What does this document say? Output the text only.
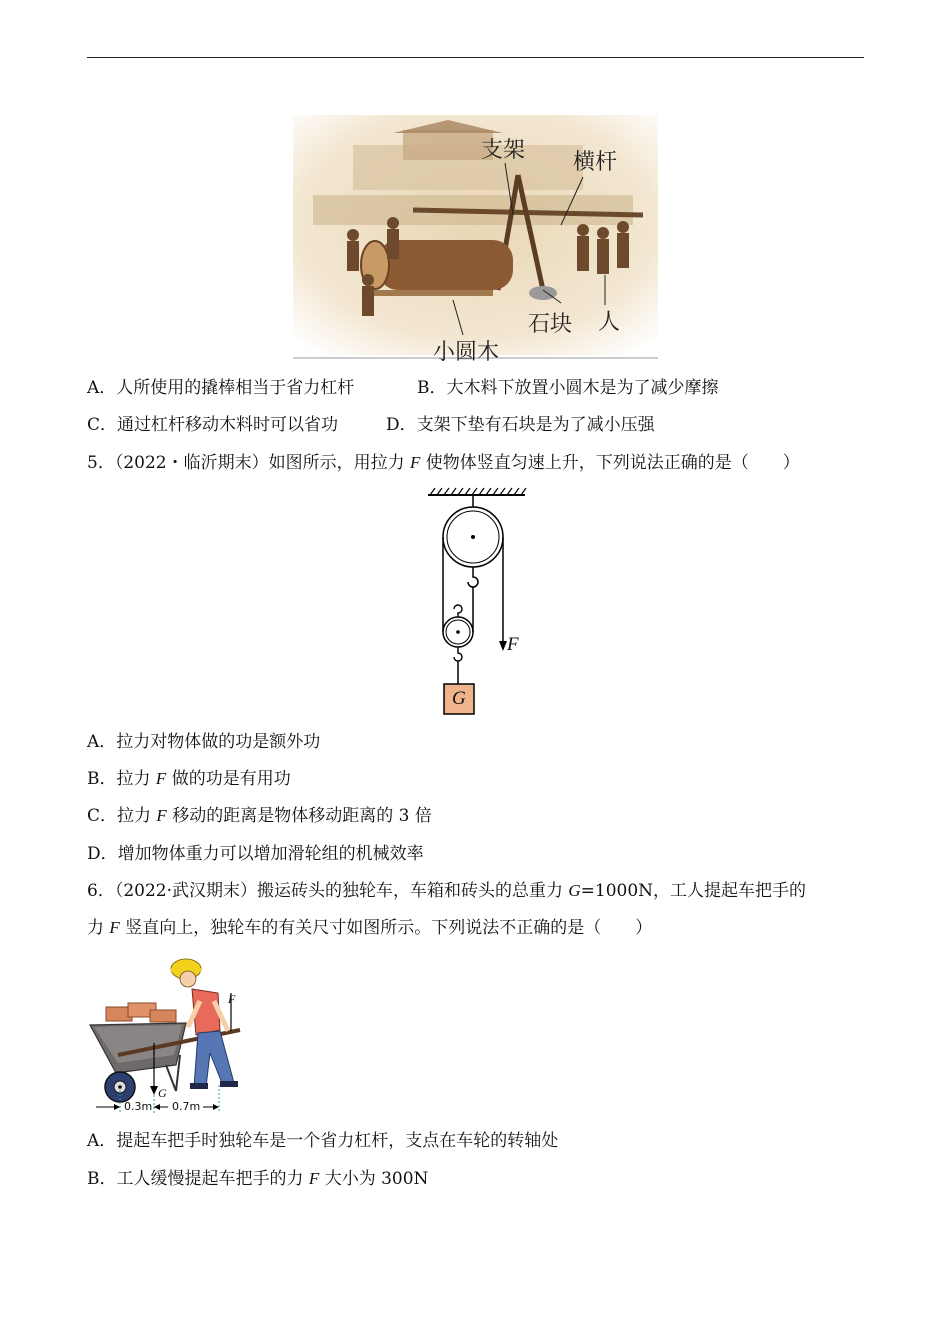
支架 横杆
石块 人
小圆木
A．人所使用的撬棒相当于省力杠杆	B．大木料下放置小圆木是为了减少摩擦
C．通过杠杆移动木料时可以省功	D．支架下垫有石块是为了减小压强
5．（2022・临沂期末）如图所示，用拉力 F 使物体竖直匀速上升，下列说法正确的是（　　）
F
G
A．拉力对物体做的功是额外功
B．拉力 F 做的功是有用功
C．拉力 F 移动的距离是物体移动距离的 3 倍
D．增加物体重力可以增加滑轮组的机械效率
6．（2022·武汉期末）搬运砖头的独轮车，车箱和砖头的总重力 G=1000N，工人提起车把手的
力 F 竖直向上，独轮车的有关尺寸如图所示。下列说法不正确的是（　　）
F
G
0.3m 0.7m
A．提起车把手时独轮车是一个省力杠杆，支点在车轮的转轴处
B．工人缓慢提起车把手的力 F 大小为 300N
